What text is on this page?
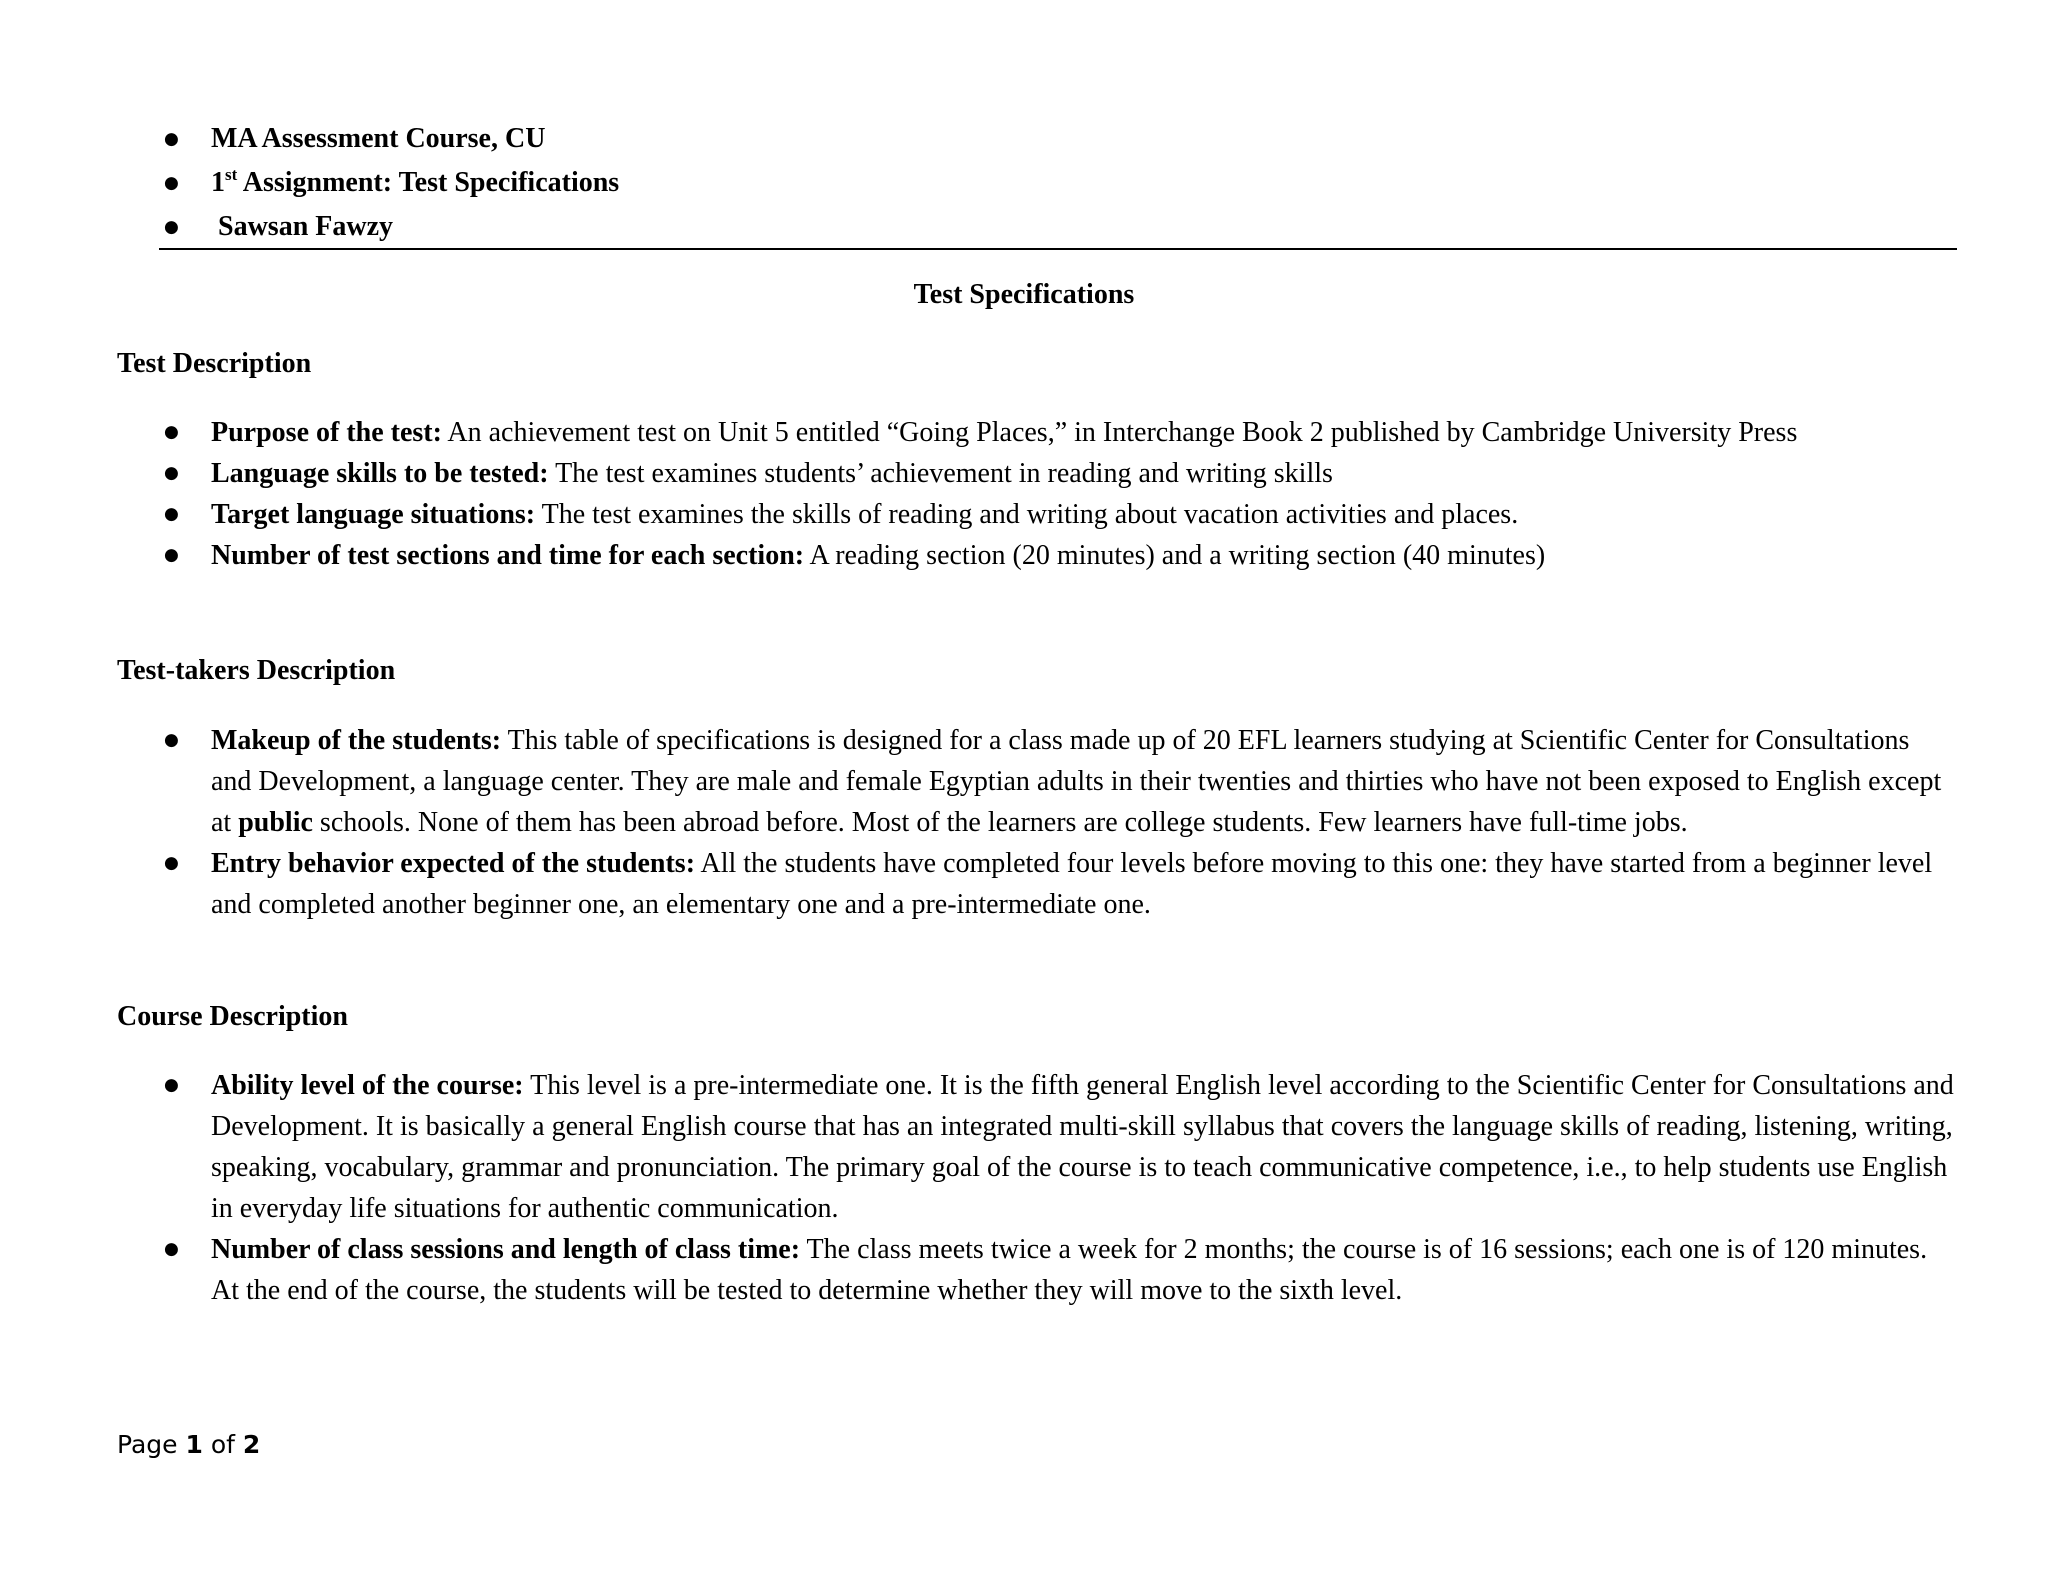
● MA Assessment Course, CU
● 1st Assignment: Test Specifications
● Sawsan Fawzy
Test Specifications
Test Description
● Purpose of the test: An achievement test on Unit 5 entitled “Going Places,” in Interchange Book 2 published by Cambridge University Press
● Language skills to be tested: The test examines students’ achievement in reading and writing skills
● Target language situations: The test examines the skills of reading and writing about vacation activities and places.
● Number of test sections and time for each section: A reading section (20 minutes) and a writing section (40 minutes)
Test-takers Description
● Makeup of the students: This table of specifications is designed for a class made up of 20 EFL learners studying at Scientific Center for Consultations and Development, a language center. They are male and female Egyptian adults in their twenties and thirties who have not been exposed to English except at public schools. None of them has been abroad before. Most of the learners are college students. Few learners have full-time jobs.
● Entry behavior expected of the students: All the students have completed four levels before moving to this one: they have started from a beginner level and completed another beginner one, an elementary one and a pre-intermediate one.
Course Description
● Ability level of the course: This level is a pre-intermediate one. It is the fifth general English level according to the Scientific Center for Consultations and Development. It is basically a general English course that has an integrated multi-skill syllabus that covers the language skills of reading, listening, writing, speaking, vocabulary, grammar and pronunciation. The primary goal of the course is to teach communicative competence, i.e., to help students use English in everyday life situations for authentic communication.
● Number of class sessions and length of class time: The class meets twice a week for 2 months; the course is of 16 sessions; each one is of 120 minutes. At the end of the course, the students will be tested to determine whether they will move to the sixth level.
Page 1 of 2
